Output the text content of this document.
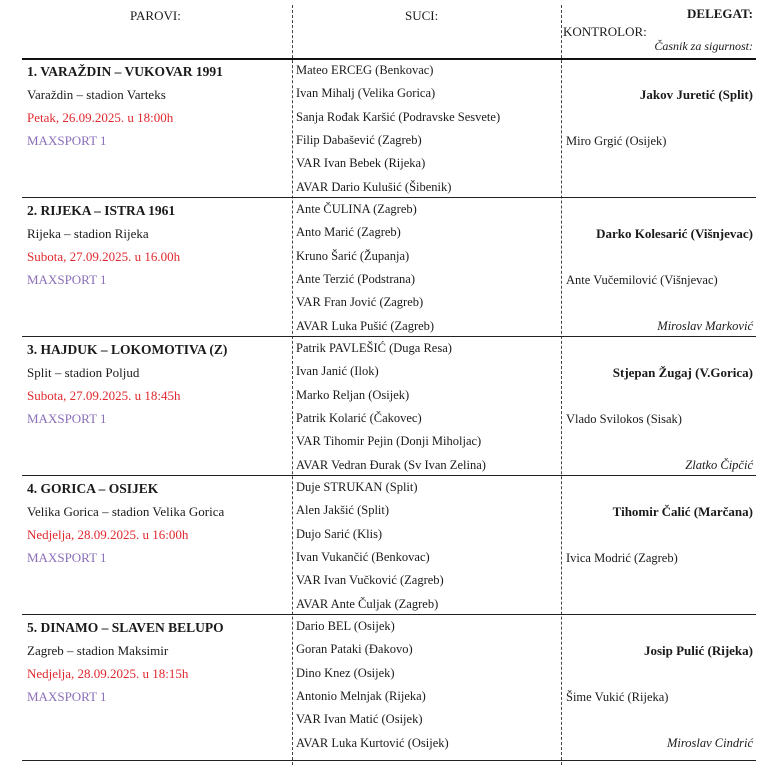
PAROVI:	SUCI:	DELEGAT:
KONTROLOR:
Časnik za sigurnost:
1. VARAŽDIN – VUKOVAR 1991
Varaždin – stadion Varteks
Petak, 26.09.2025. u 18:00h
MAXSPORT 1
Mateo ERCEG (Benkovac)
Ivan Mihalj (Velika Gorica)
Sanja Rođak Karšić (Podravske Sesvete)
Filip Dabašević (Zagreb)
VAR Ivan Bebek (Rijeka)
AVAR Dario Kulušić (Šibenik)
Jakov Juretić (Split)
Miro Grgić (Osijek)
2. RIJEKA – ISTRA 1961
Rijeka – stadion Rijeka
Subota, 27.09.2025. u 16.00h
MAXSPORT 1
Ante ČULINA (Zagreb)
Anto Marić (Zagreb)
Kruno Šarić (Županja)
Ante Terzić (Podstrana)
VAR Fran Jović (Zagreb)
AVAR Luka Pušić (Zagreb)
Darko Kolesarić (Višnjevac)
Ante Vučemilović (Višnjevac)
Miroslav Marković
3. HAJDUK – LOKOMOTIVA (Z)
Split – stadion Poljud
Subota, 27.09.2025. u 18:45h
MAXSPORT 1
Patrik PAVLEŠIĆ (Duga Resa)
Ivan Janić (Ilok)
Marko Reljan (Osijek)
Patrik Kolarić (Čakovec)
VAR Tihomir Pejin (Donji Miholjac)
AVAR Vedran Đurak (Sv Ivan Zelina)
Stjepan Žugaj (V.Gorica)
Vlado Svilokos (Sisak)
Zlatko Čipčić
4. GORICA – OSIJEK
Velika Gorica – stadion Velika Gorica
Nedjelja, 28.09.2025. u 16:00h
MAXSPORT 1
Duje STRUKAN (Split)
Alen Jakšić (Split)
Dujo Sarić (Klis)
Ivan Vukančić (Benkovac)
VAR Ivan Vučković (Zagreb)
AVAR Ante Čuljak (Zagreb)
Tihomir Čalić (Marčana)
Ivica Modrić (Zagreb)
5. DINAMO – SLAVEN BELUPO
Zagreb – stadion Maksimir
Nedjelja, 28.09.2025. u 18:15h
MAXSPORT 1
Dario BEL (Osijek)
Goran Pataki (Đakovo)
Dino Knez (Osijek)
Antonio Melnjak (Rijeka)
VAR Ivan Matić (Osijek)
AVAR Luka Kurtović (Osijek)
Josip Pulić (Rijeka)
Šime Vukić (Rijeka)
Miroslav Cindrić
